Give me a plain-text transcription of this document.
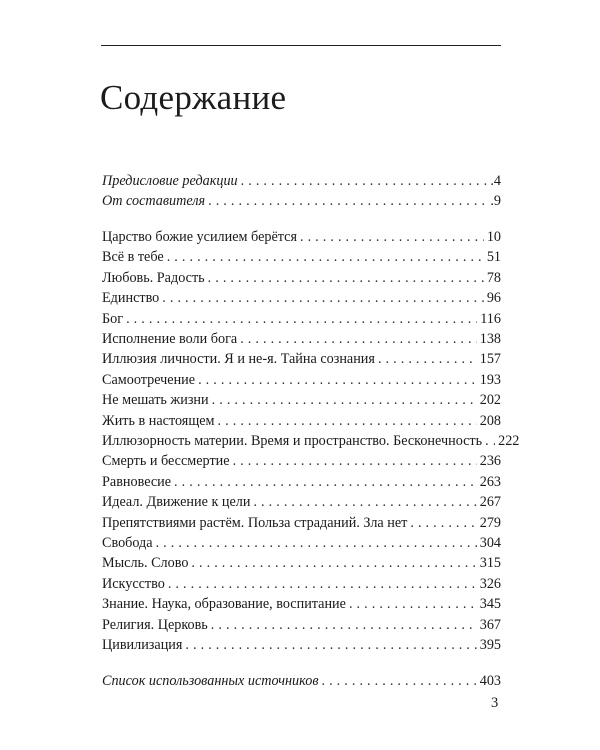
Содержание
Предисловие редакции . . .	.4
От составителя . . .	.9
Царство божие усилием берётся . . .	10
Всё в тебе . . .	51
Любовь. Радость . . .	78
Единство . . .	96
Бог . . .	116
Исполнение воли бога . . .	138
Иллюзия личности. Я и не-я. Тайна сознания . . .	157
Самоотречение . . .	193
Не мешать жизни . . .	202
Жить в настоящем . . .	208
Иллюзорность материи. Время и пространство. Бесконечность . . . 222
Смерть и бессмертие . . .	236
Равновесие . . .	263
Идеал. Движение к цели . . .	267
Препятствиями растём. Польза страданий. Зла нет . . .	279
Свобода . . .	304
Мысль. Слово . . .	315
Искусство . . .	326
Знание. Наука, образование, воспитание . . .	345
Религия. Церковь . . .	367
Цивилизация . . .	395
Список использованных источников . . .	403
3
